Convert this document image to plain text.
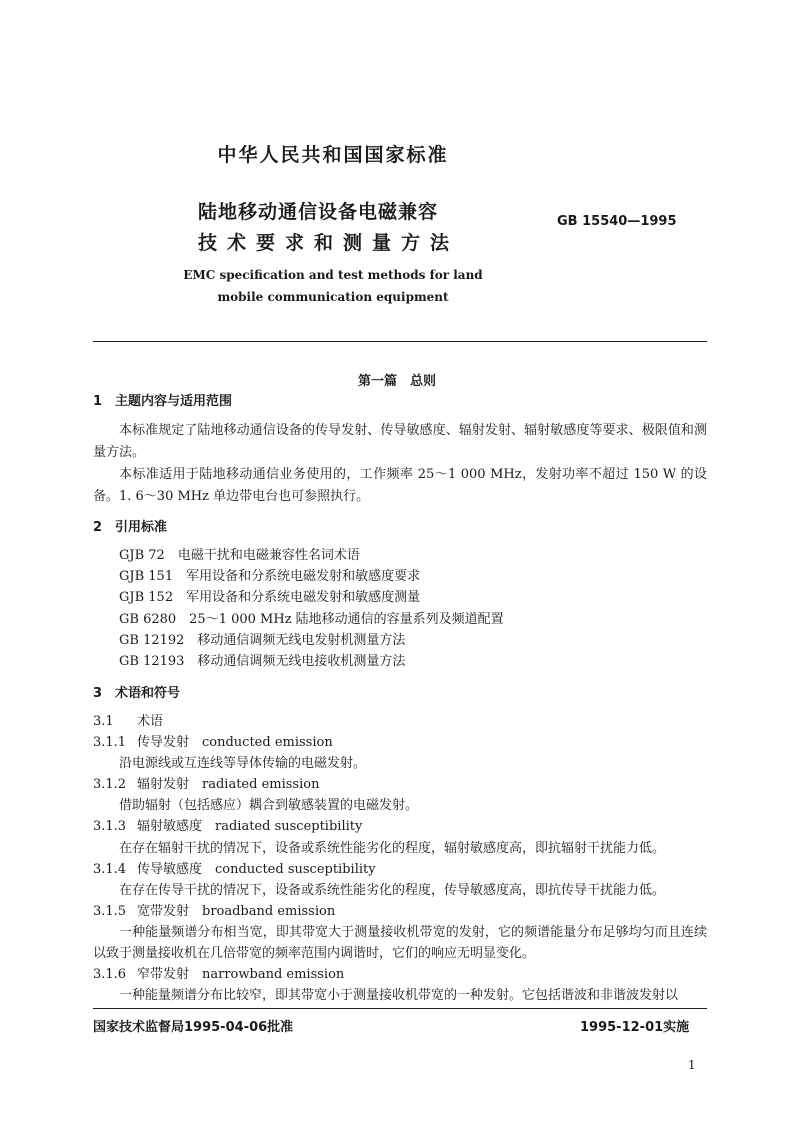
中华人民共和国国家标准
陆地移动通信设备电磁兼容
技术要求和测量方法
GB 15540—1995
EMC specification and test methods for land
mobile communication equipment
第一篇　总则
1　主题内容与适用范围
本标准规定了陆地移动通信设备的传导发射、传导敏感度、辐射发射、辐射敏感度等要求、极限值和测量方法。
本标准适用于陆地移动通信业务使用的，工作频率 25～1 000 MHz，发射功率不超过 150 W 的设备。1. 6～30 MHz 单边带电台也可参照执行。
2　引用标准
GJB 72　电磁干扰和电磁兼容性名词术语
GJB 151　军用设备和分系统电磁发射和敏感度要求
GJB 152　军用设备和分系统电磁发射和敏感度测量
GB 6280　25～1 000 MHz 陆地移动通信的容量系列及频道配置
GB 12192　移动通信调频无线电发射机测量方法
GB 12193　移动通信调频无线电接收机测量方法
3　术语和符号
3.1 术语
3.1.1 传导发射　conducted emission
沿电源线或互连线等导体传输的电磁发射。
3.1.2 辐射发射　radiated emission
借助辐射（包括感应）耦合到敏感装置的电磁发射。
3.1.3 辐射敏感度　radiated susceptibility
在存在辐射干扰的情况下，设备或系统性能劣化的程度，辐射敏感度高，即抗辐射干扰能力低。
3.1.4 传导敏感度　conducted susceptibility
在存在传导干扰的情况下，设备或系统性能劣化的程度，传导敏感度高，即抗传导干扰能力低。
3.1.5 宽带发射　broadband emission
一种能量频谱分布相当宽，即其带宽大于测量接收机带宽的发射，它的频谱能量分布足够均匀而且连续以致于测量接收机在几倍带宽的频率范围内调谐时，它们的响应无明显变化。
3.1.6 窄带发射　narrowband emission
一种能量频谱分布比较窄，即其带宽小于测量接收机带宽的一种发射。它包括谐波和非谐波发射以
国家技术监督局1995-04-06批准	1995-12-01实施
1
